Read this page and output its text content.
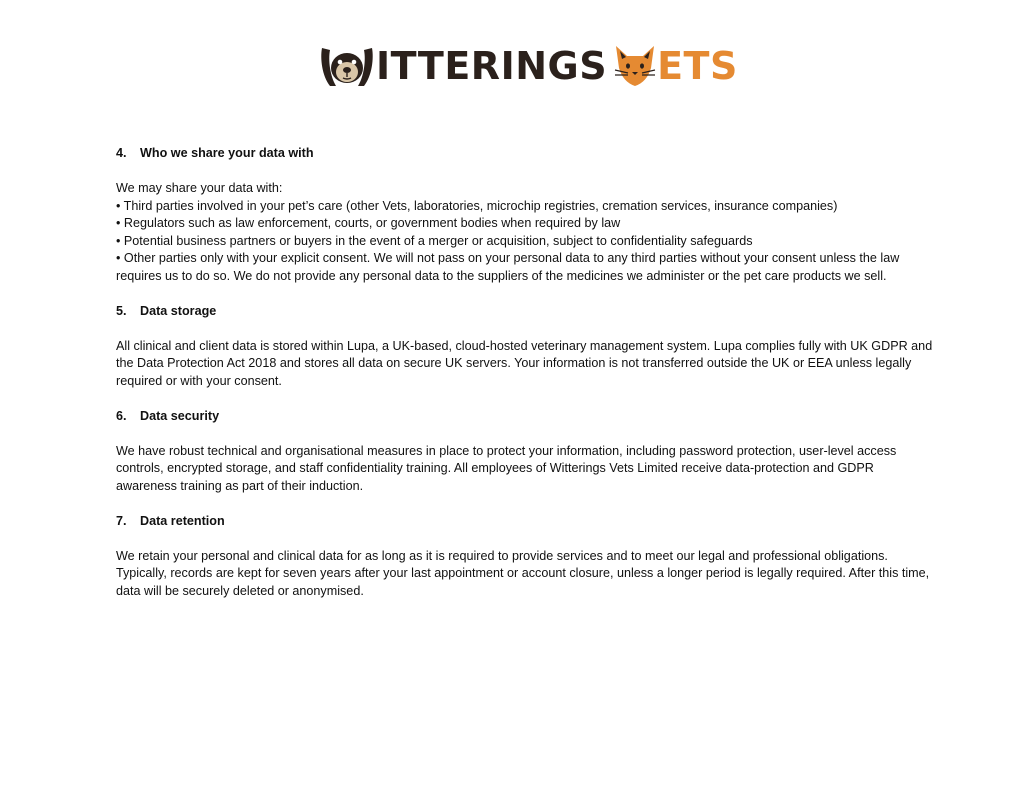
ITTERINGS ETS

4. Who we share your data with

We may share your data with:

• Third parties involved in your pet’s care (other Vets, laboratories, microchip registries, cremation services, insurance companies)

• Regulators such as law enforcement, courts, or government bodies when required by law

• Potential business partners or buyers in the event of a merger or acquisition, subject to confidentiality safeguards

• Other parties only with your explicit consent. We will not pass on your personal data to any third parties without your consent unless the law requires us to do so. We do not provide any personal data to the suppliers of the medicines we administer or the pet care products we sell.

5. Data storage

All clinical and client data is stored within Lupa, a UK-based, cloud-hosted veterinary management system. Lupa complies fully with UK GDPR and the Data Protection Act 2018 and stores all data on secure UK servers. Your information is not transferred outside the UK or EEA unless legally required or with your consent.

6. Data security

We have robust technical and organisational measures in place to protect your information, including password protection, user-level access controls, encrypted storage, and staff confidentiality training. All employees of Witterings Vets Limited receive data-protection and GDPR awareness training as part of their induction.

7. Data retention

We retain your personal and clinical data for as long as it is required to provide services and to meet our legal and professional obligations. Typically, records are kept for seven years after your last appointment or account closure, unless a longer period is legally required. After this time, data will be securely deleted or anonymised.
